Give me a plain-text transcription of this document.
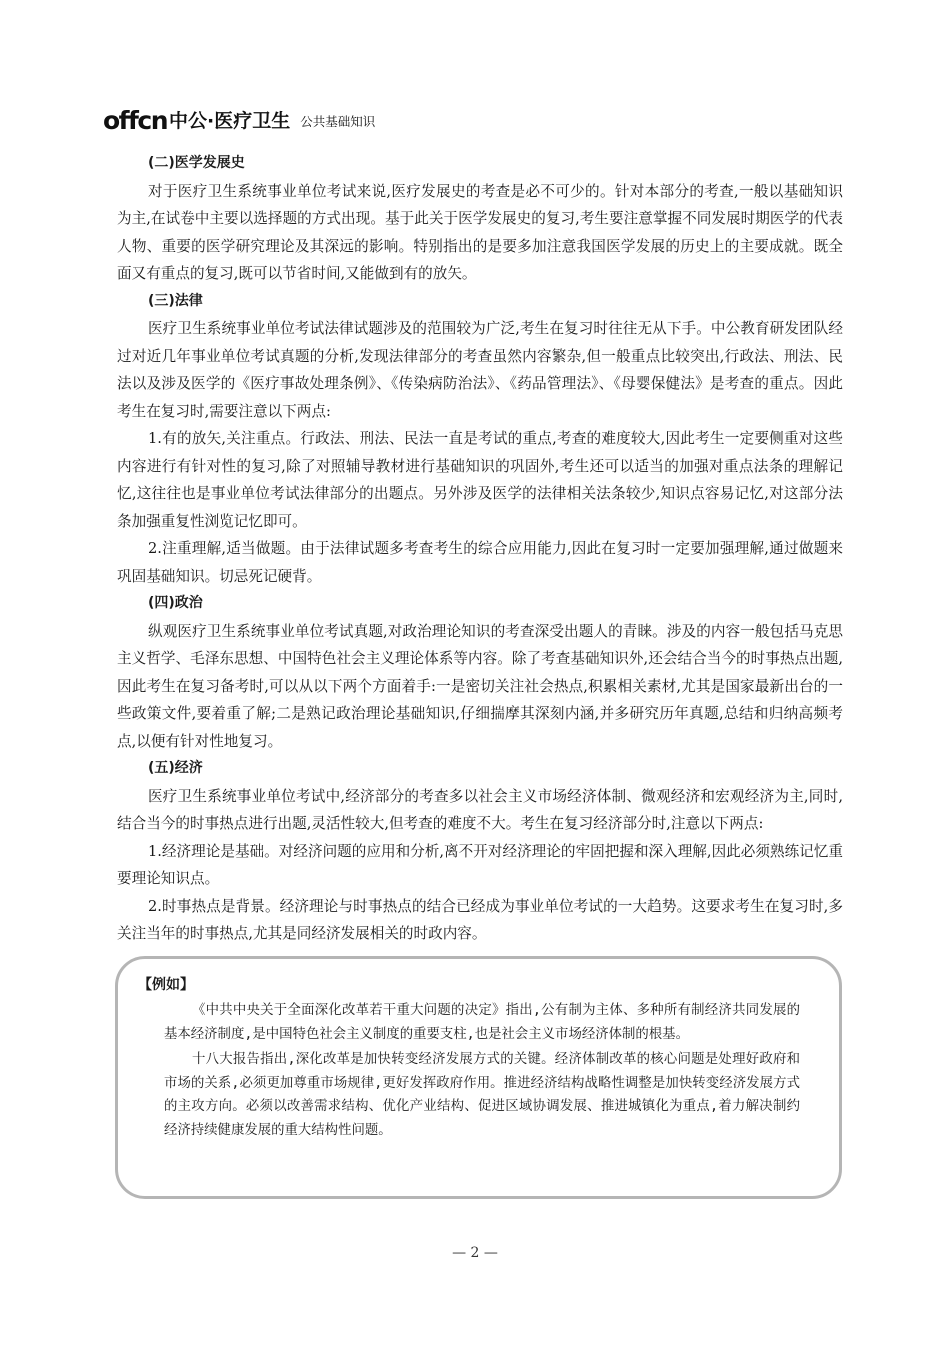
offcn 中公·医疗卫生 公共基础知识
(二)医学发展史

对于医疗卫生系统事业单位考试来说,医疗发展史的考查是必不可少的。针对本部分的考查,一般以基础知识为主,在试卷中主要以选择题的方式出现。基于此关于医学发展史的复习,考生要注意掌握不同发展时期医学的代表人物、重要的医学研究理论及其深远的影响。特别指出的是要多加注意我国医学发展的历史上的主要成就。既全面又有重点的复习,既可以节省时间,又能做到有的放矢。

(三)法律

医疗卫生系统事业单位考试法律试题涉及的范围较为广泛,考生在复习时往往无从下手。中公教育研发团队经过对近几年事业单位考试真题的分析,发现法律部分的考查虽然内容繁杂,但一般重点比较突出,行政法、刑法、民法以及涉及医学的《医疗事故处理条例》、《传染病防治法》、《药品管理法》、《母婴保健法》是考查的重点。因此考生在复习时,需要注意以下两点:

1.有的放矢,关注重点。行政法、刑法、民法一直是考试的重点,考查的难度较大,因此考生一定要侧重对这些内容进行有针对性的复习,除了对照辅导教材进行基础知识的巩固外,考生还可以适当的加强对重点法条的理解记忆,这往往也是事业单位考试法律部分的出题点。另外涉及医学的法律相关法条较少,知识点容易记忆,对这部分法条加强重复性浏览记忆即可。

2.注重理解,适当做题。由于法律试题多考查考生的综合应用能力,因此在复习时一定要加强理解,通过做题来巩固基础知识。切忌死记硬背。

(四)政治

纵观医疗卫生系统事业单位考试真题,对政治理论知识的考查深受出题人的青睐。涉及的内容一般包括马克思主义哲学、毛泽东思想、中国特色社会主义理论体系等内容。除了考查基础知识外,还会结合当今的时事热点出题,因此考生在复习备考时,可以从以下两个方面着手:一是密切关注社会热点,积累相关素材,尤其是国家最新出台的一些政策文件,要着重了解;二是熟记政治理论基础知识,仔细揣摩其深刻内涵,并多研究历年真题,总结和归纳高频考点,以便有针对性地复习。

(五)经济

医疗卫生系统事业单位考试中,经济部分的考查多以社会主义市场经济体制、微观经济和宏观经济为主,同时,结合当今的时事热点进行出题,灵活性较大,但考查的难度不大。考生在复习经济部分时,注意以下两点:

1.经济理论是基础。对经济问题的应用和分析,离不开对经济理论的牢固把握和深入理解,因此必须熟练记忆重要理论知识点。

2.时事热点是背景。经济理论与时事热点的结合已经成为事业单位考试的一大趋势。这要求考生在复习时,多关注当年的时事热点,尤其是同经济发展相关的时政内容。

【例如】

《中共中央关于全面深化改革若干重大问题的决定》指出,公有制为主体、多种所有制经济共同发展的基本经济制度,是中国特色社会主义制度的重要支柱,也是社会主义市场经济体制的根基。

十八大报告指出,深化改革是加快转变经济发展方式的关键。经济体制改革的核心问题是处理好政府和市场的关系,必须更加尊重市场规律,更好发挥政府作用。推进经济结构战略性调整是加快转变经济发展方式的主攻方向。必须以改善需求结构、优化产业结构、促进区域协调发展、推进城镇化为重点,着力解决制约经济持续健康发展的重大结构性问题。

— 2 —
